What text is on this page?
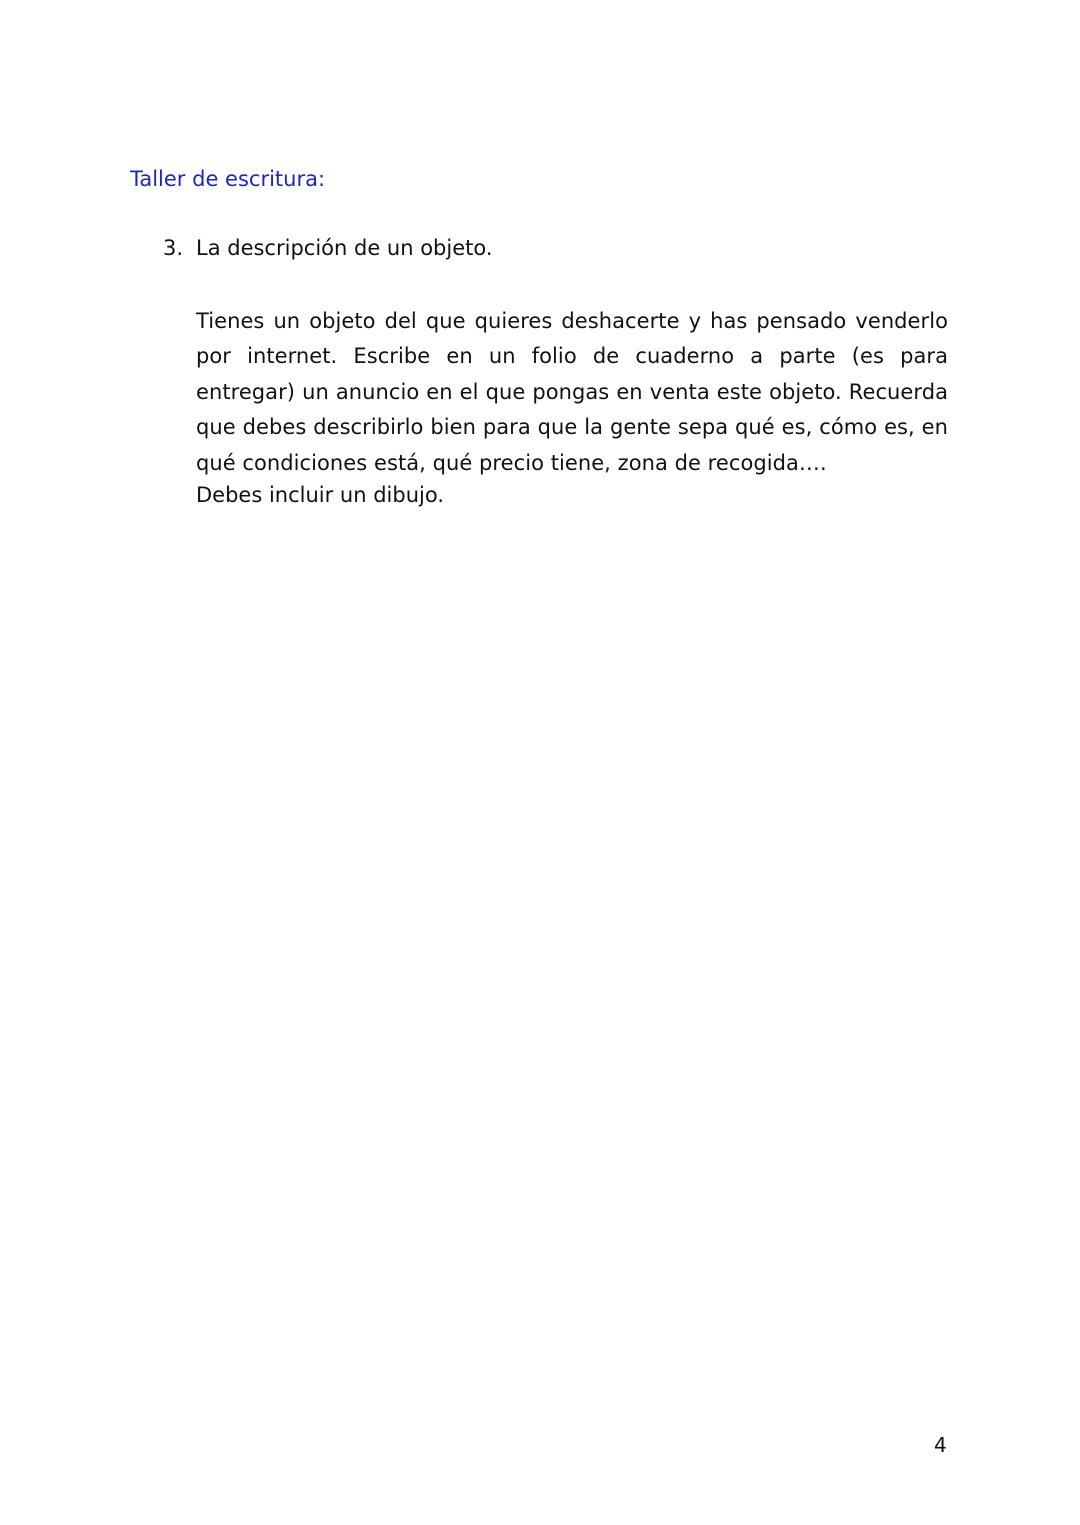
Taller de escritura:
3. La descripción de un objeto.

Tienes un objeto del que quieres deshacerte y has pensado venderlo por internet. Escribe en un folio de cuaderno a parte (es para entregar) un anuncio en el que pongas en venta este objeto. Recuerda que debes describirlo bien para que la gente sepa qué es, cómo es, en qué condiciones está, qué precio tiene, zona de recogida….

Debes incluir un dibujo.

4
